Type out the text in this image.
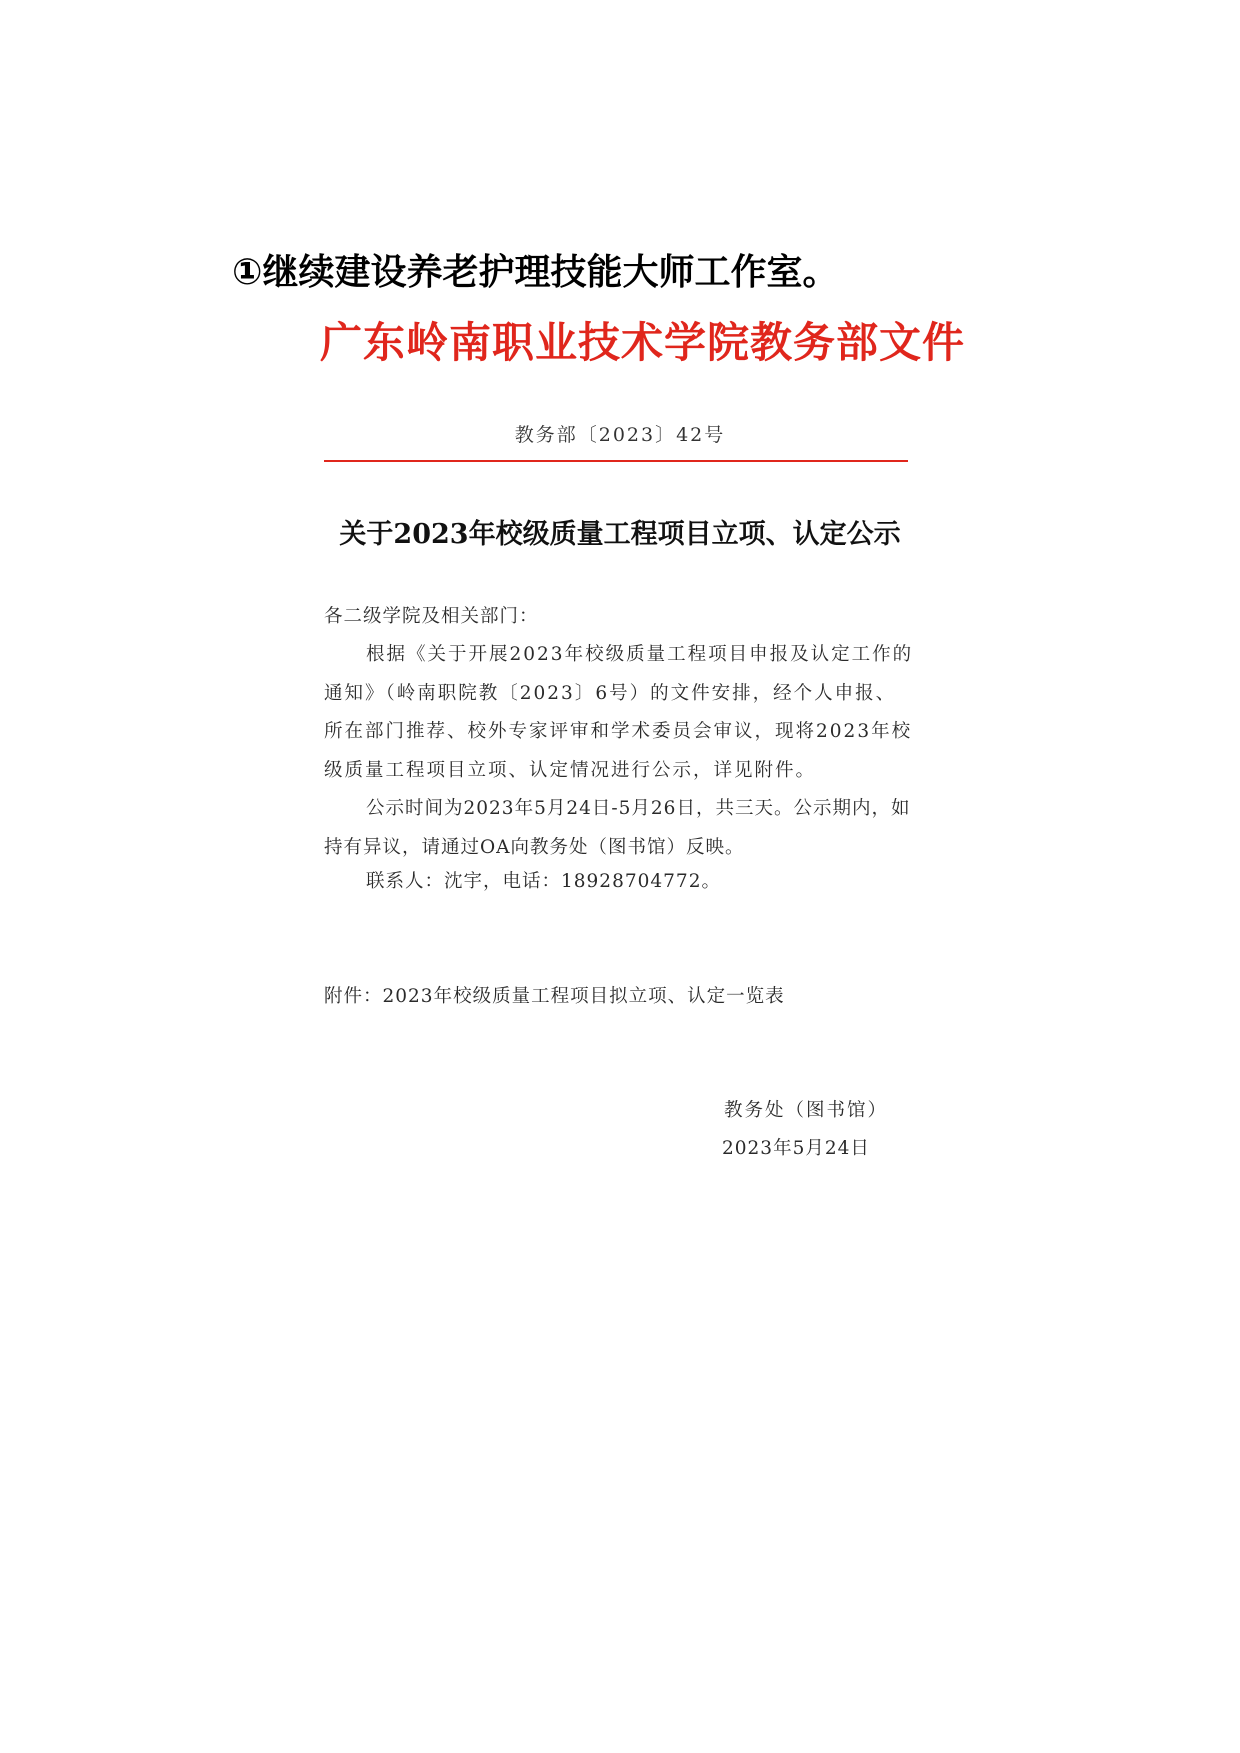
①继续建设养老护理技能大师工作室。
广东岭南职业技术学院教务部文件
教务部〔2023〕42号
关于2023年校级质量工程项目立项、认定公示
各二级学院及相关部门：
根据《关于开展2023年校级质量工程项目申报及认定工作的通知》（岭南职院教〔2023〕6号）的文件安排，经个人申报、所在部门推荐、校外专家评审和学术委员会审议，现将2023年校级质量工程项目立项、认定情况进行公示，详见附件。
公示时间为2023年5月24日-5月26日，共三天。公示期内，如持有异议，请通过OA向教务处（图书馆）反映。
联系人：沈宇，电话：18928704772。
附件：2023年校级质量工程项目拟立项、认定一览表
教务处（图书馆）
2023年5月24日
